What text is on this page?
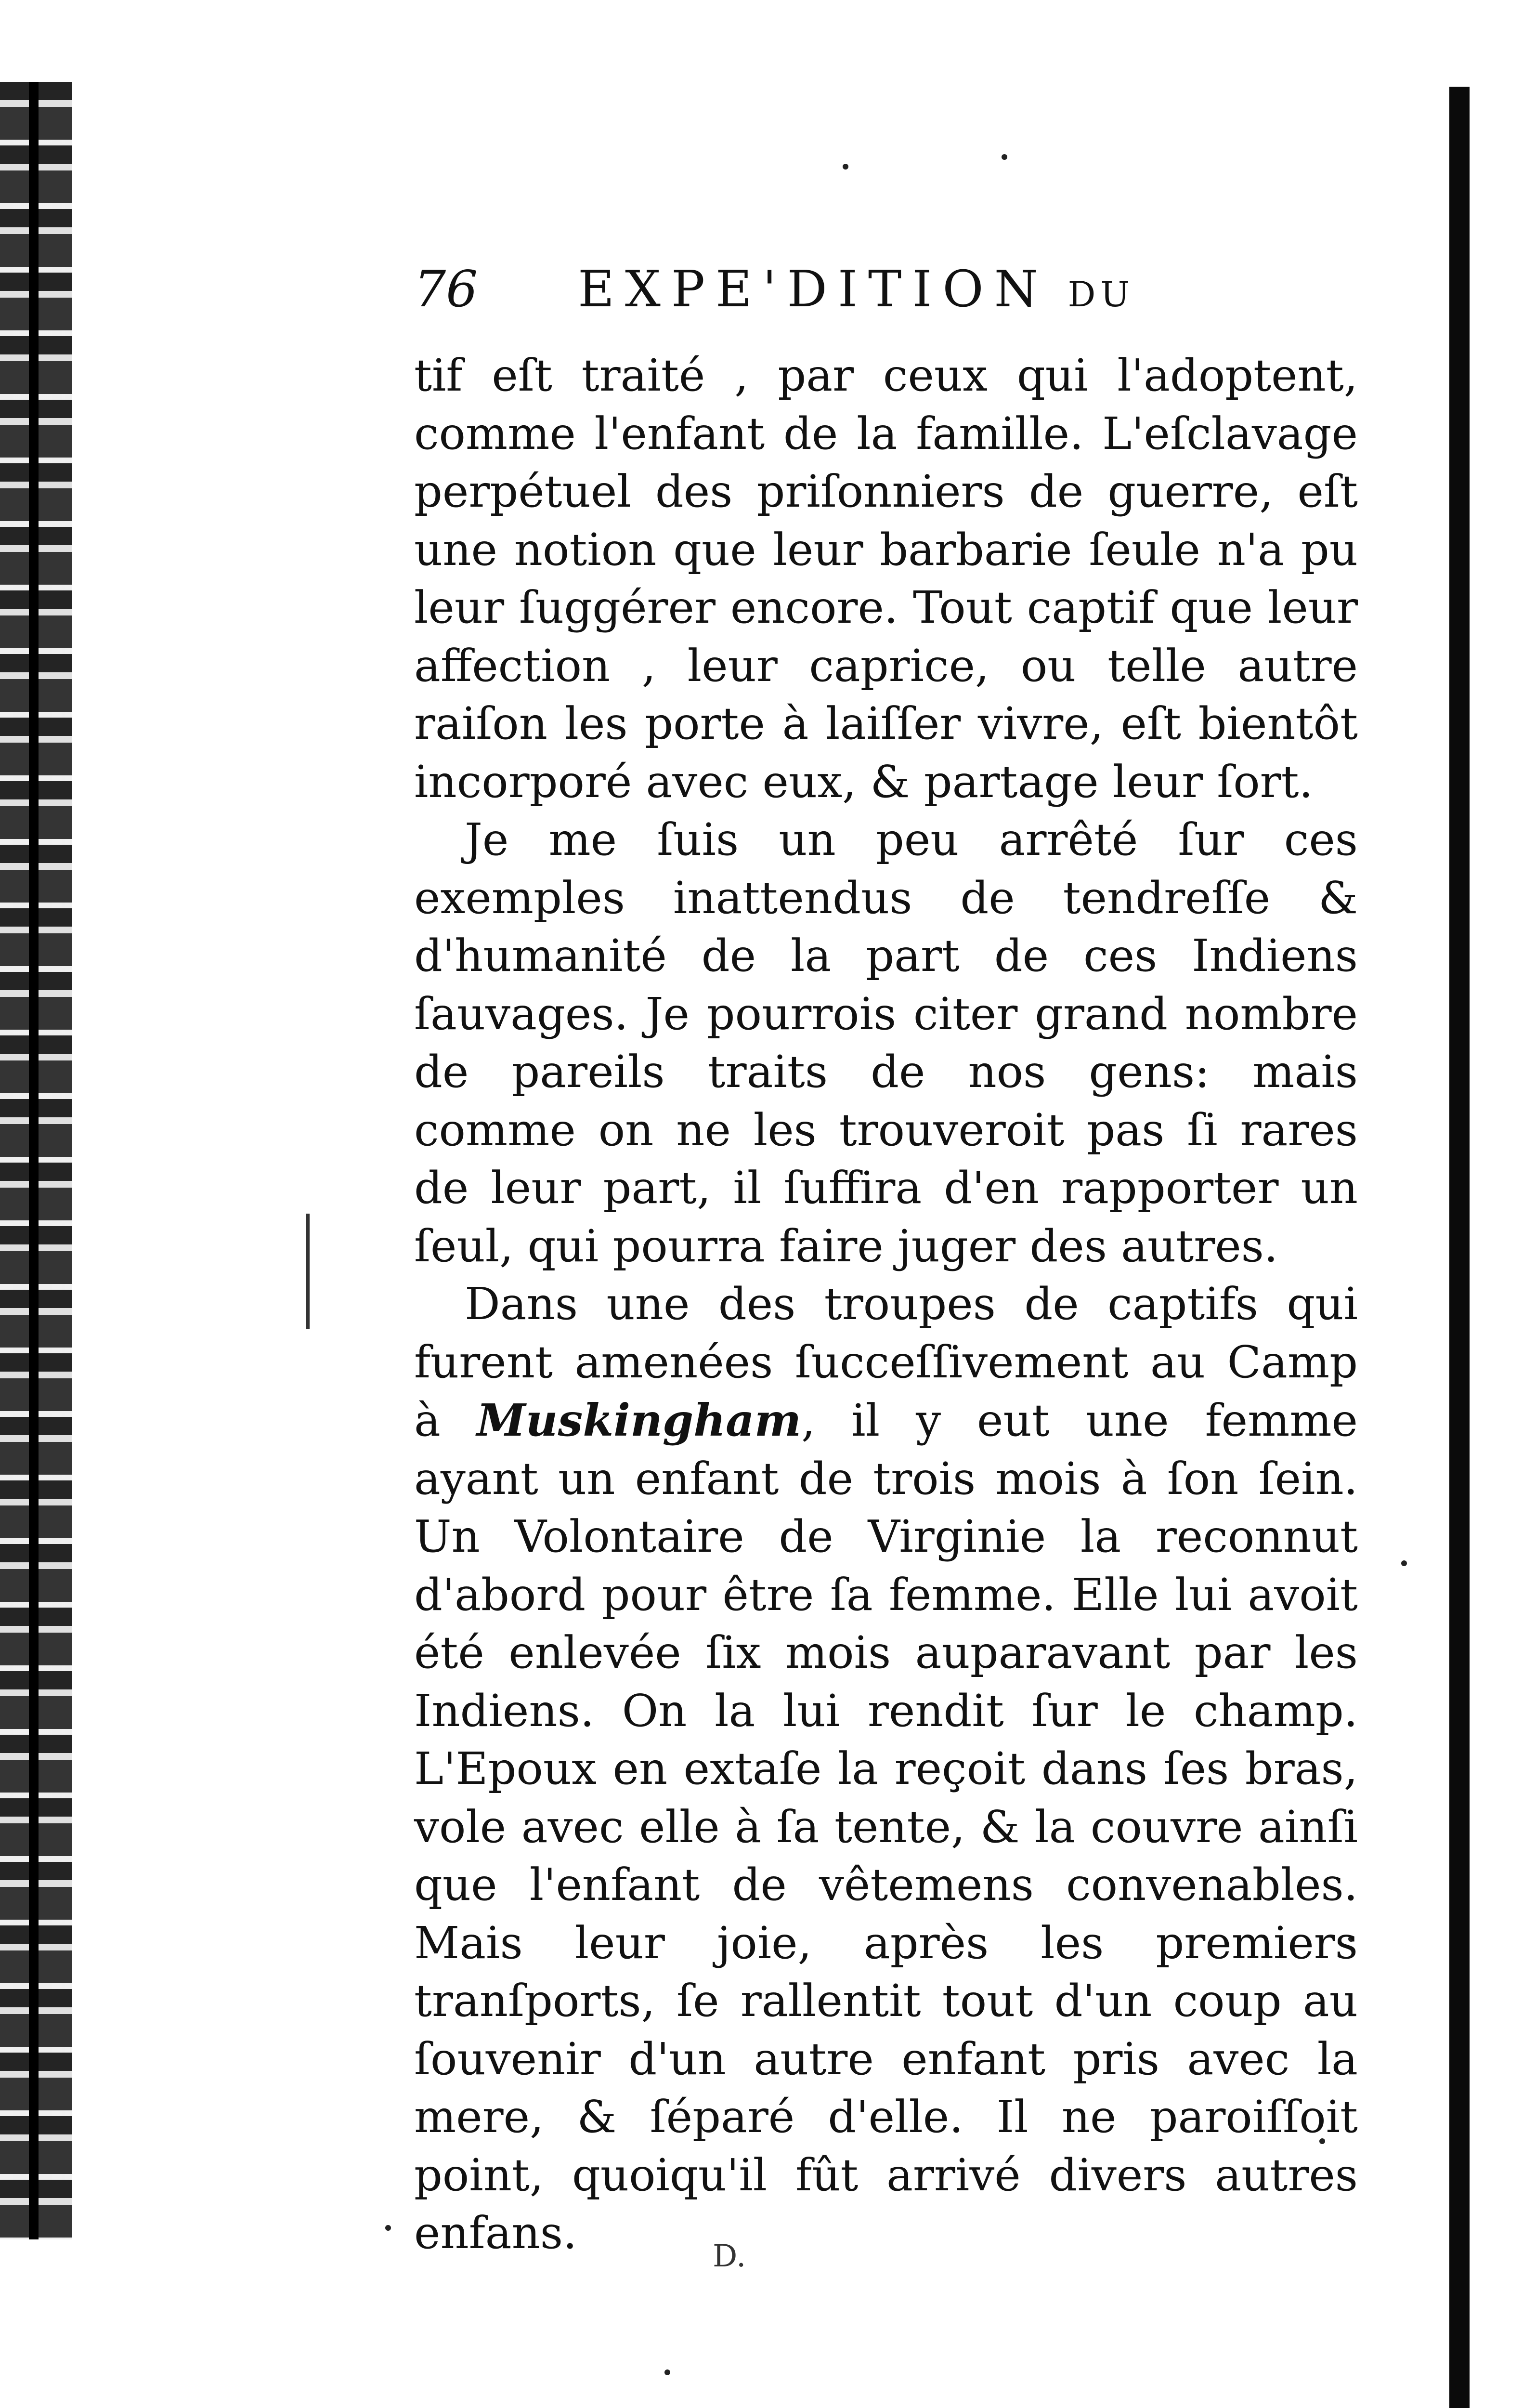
76	EXPE'DITION DU

tif eſt traité , par ceux qui l'adoptent, comme l'enfant de la famille. L'eſclavage perpétuel des priſonniers de guerre, eſt une notion que leur barbarie ſeule n'a pu leur ſuggérer encore. Tout captif que leur affection , leur caprice, ou telle autre raiſon les porte à laiſſer vivre, eſt bientôt incorporé avec eux, & partage leur ſort.

Je me ſuis un peu arrêté ſur ces exemples inattendus de tendreſſe & d'humanité de la part de ces Indiens ſauvages. Je pourrois citer grand nombre de pareils traits de nos gens: mais comme on ne les trouveroit pas ſi rares de leur part, il ſuffira d'en rapporter un ſeul, qui pourra faire juger des autres.

Dans une des troupes de captifs qui furent amenées ſucceſſivement au Camp à Muskingham, il y eut une femme ayant un enfant de trois mois à ſon ſein. Un Volontaire de Virginie la reconnut d'abord pour être ſa femme. Elle lui avoit été enlevée ſix mois auparavant par les Indiens. On la lui rendit ſur le champ. L'Epoux en extaſe la reçoit dans ſes bras, vole avec elle à ſa tente, & la couvre ainſi que l'enfant de vêtemens convenables. Mais leur joie, après les premiers tranſports, ſe rallentit tout d'un coup au ſouvenir d'un autre enfant pris avec la mere, & ſéparé d'elle. Il ne paroiſſoit point, quoiqu'il fût arrivé divers autres enfans.	D.
